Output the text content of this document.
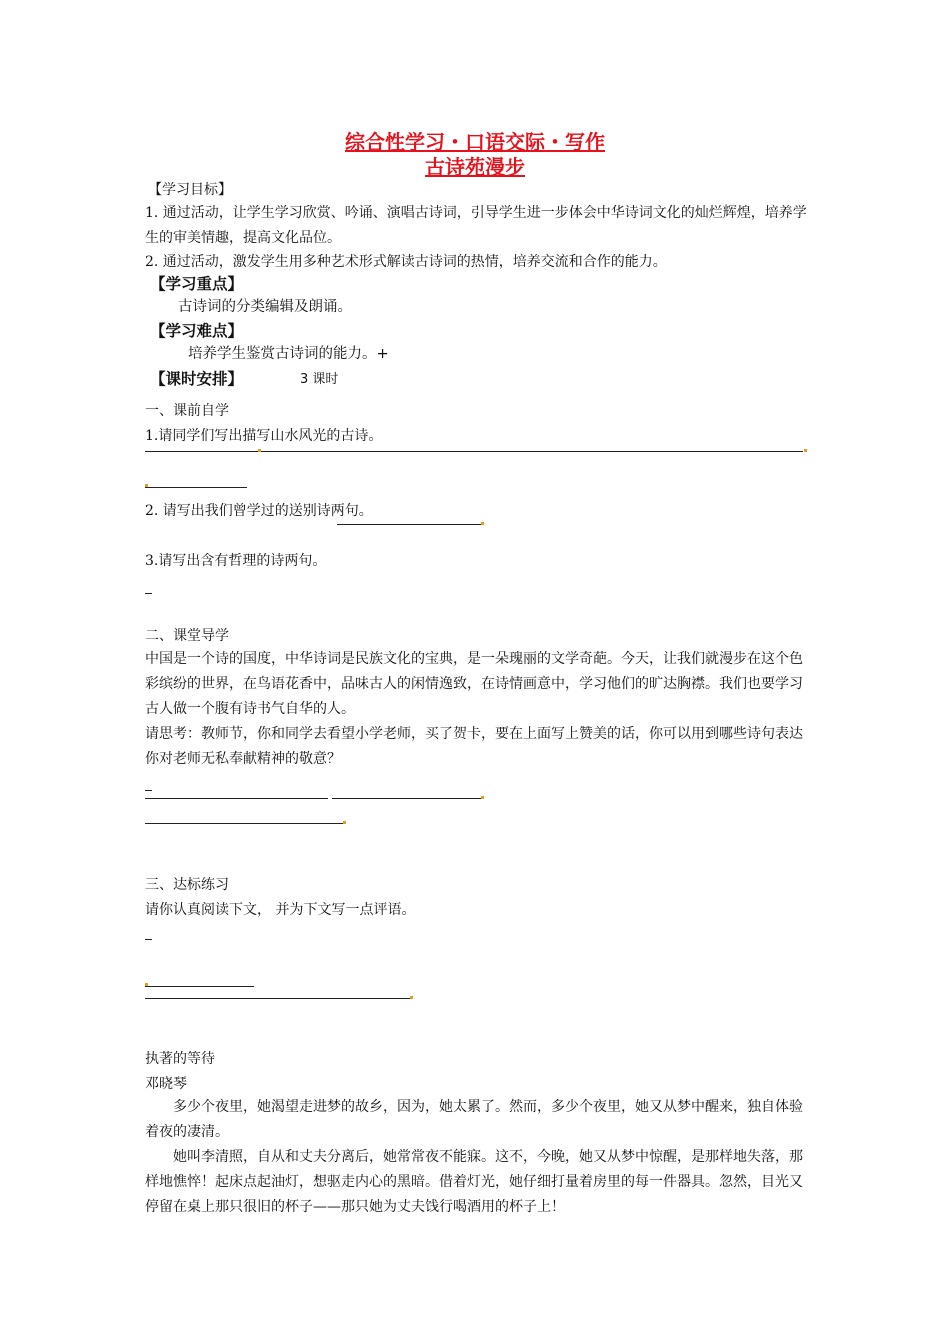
综合性学习・口语交际・写作
古诗苑漫步
【学习目标】
1. 通过活动，让学生学习欣赏、吟诵、演唱古诗词，引导学生进一步体会中华诗词文化的灿烂辉煌，培养学生的审美情趣，提高文化品位。
2. 通过活动，激发学生用多种艺术形式解读古诗词的热情，培养交流和合作的能力。
【学习重点】
古诗词的分类编辑及朗诵。
【学习难点】
培养学生鉴赏古诗词的能力。+
【课时安排】	3 课时
一、课前自学
1.请同学们写出描写山水风光的古诗。
2. 请写出我们曾学过的送别诗两句。
3.请写出含有哲理的诗两句。
二、课堂导学
中国是一个诗的国度，中华诗词是民族文化的宝典，是一朵瑰丽的文学奇葩。今天，让我们就漫步在这个色彩缤纷的世界，在鸟语花香中，品味古人的闲情逸致，在诗情画意中，学习他们的旷达胸襟。我们也要学习古人做一个腹有诗书气自华的人。
请思考：教师节，你和同学去看望小学老师，买了贺卡，要在上面写上赞美的话，你可以用到哪些诗句表达你对老师无私奉献精神的敬意？
三、达标练习
请你认真阅读下文， 并为下文写一点评语。
执著的等待
邓晓琴
多少个夜里，她渴望走进梦的故乡，因为，她太累了。然而，多少个夜里，她又从梦中醒来，独自体验着夜的凄清。
她叫李清照，自从和丈夫分离后，她常常夜不能寐。这不，今晚，她又从梦中惊醒，是那样地失落，那样地憔悴！起床点起油灯，想驱走内心的黑暗。借着灯光，她仔细打量着房里的每一件器具。忽然，目光又停留在桌上那只很旧的杯子——那只她为丈夫饯行喝酒用的杯子上！
